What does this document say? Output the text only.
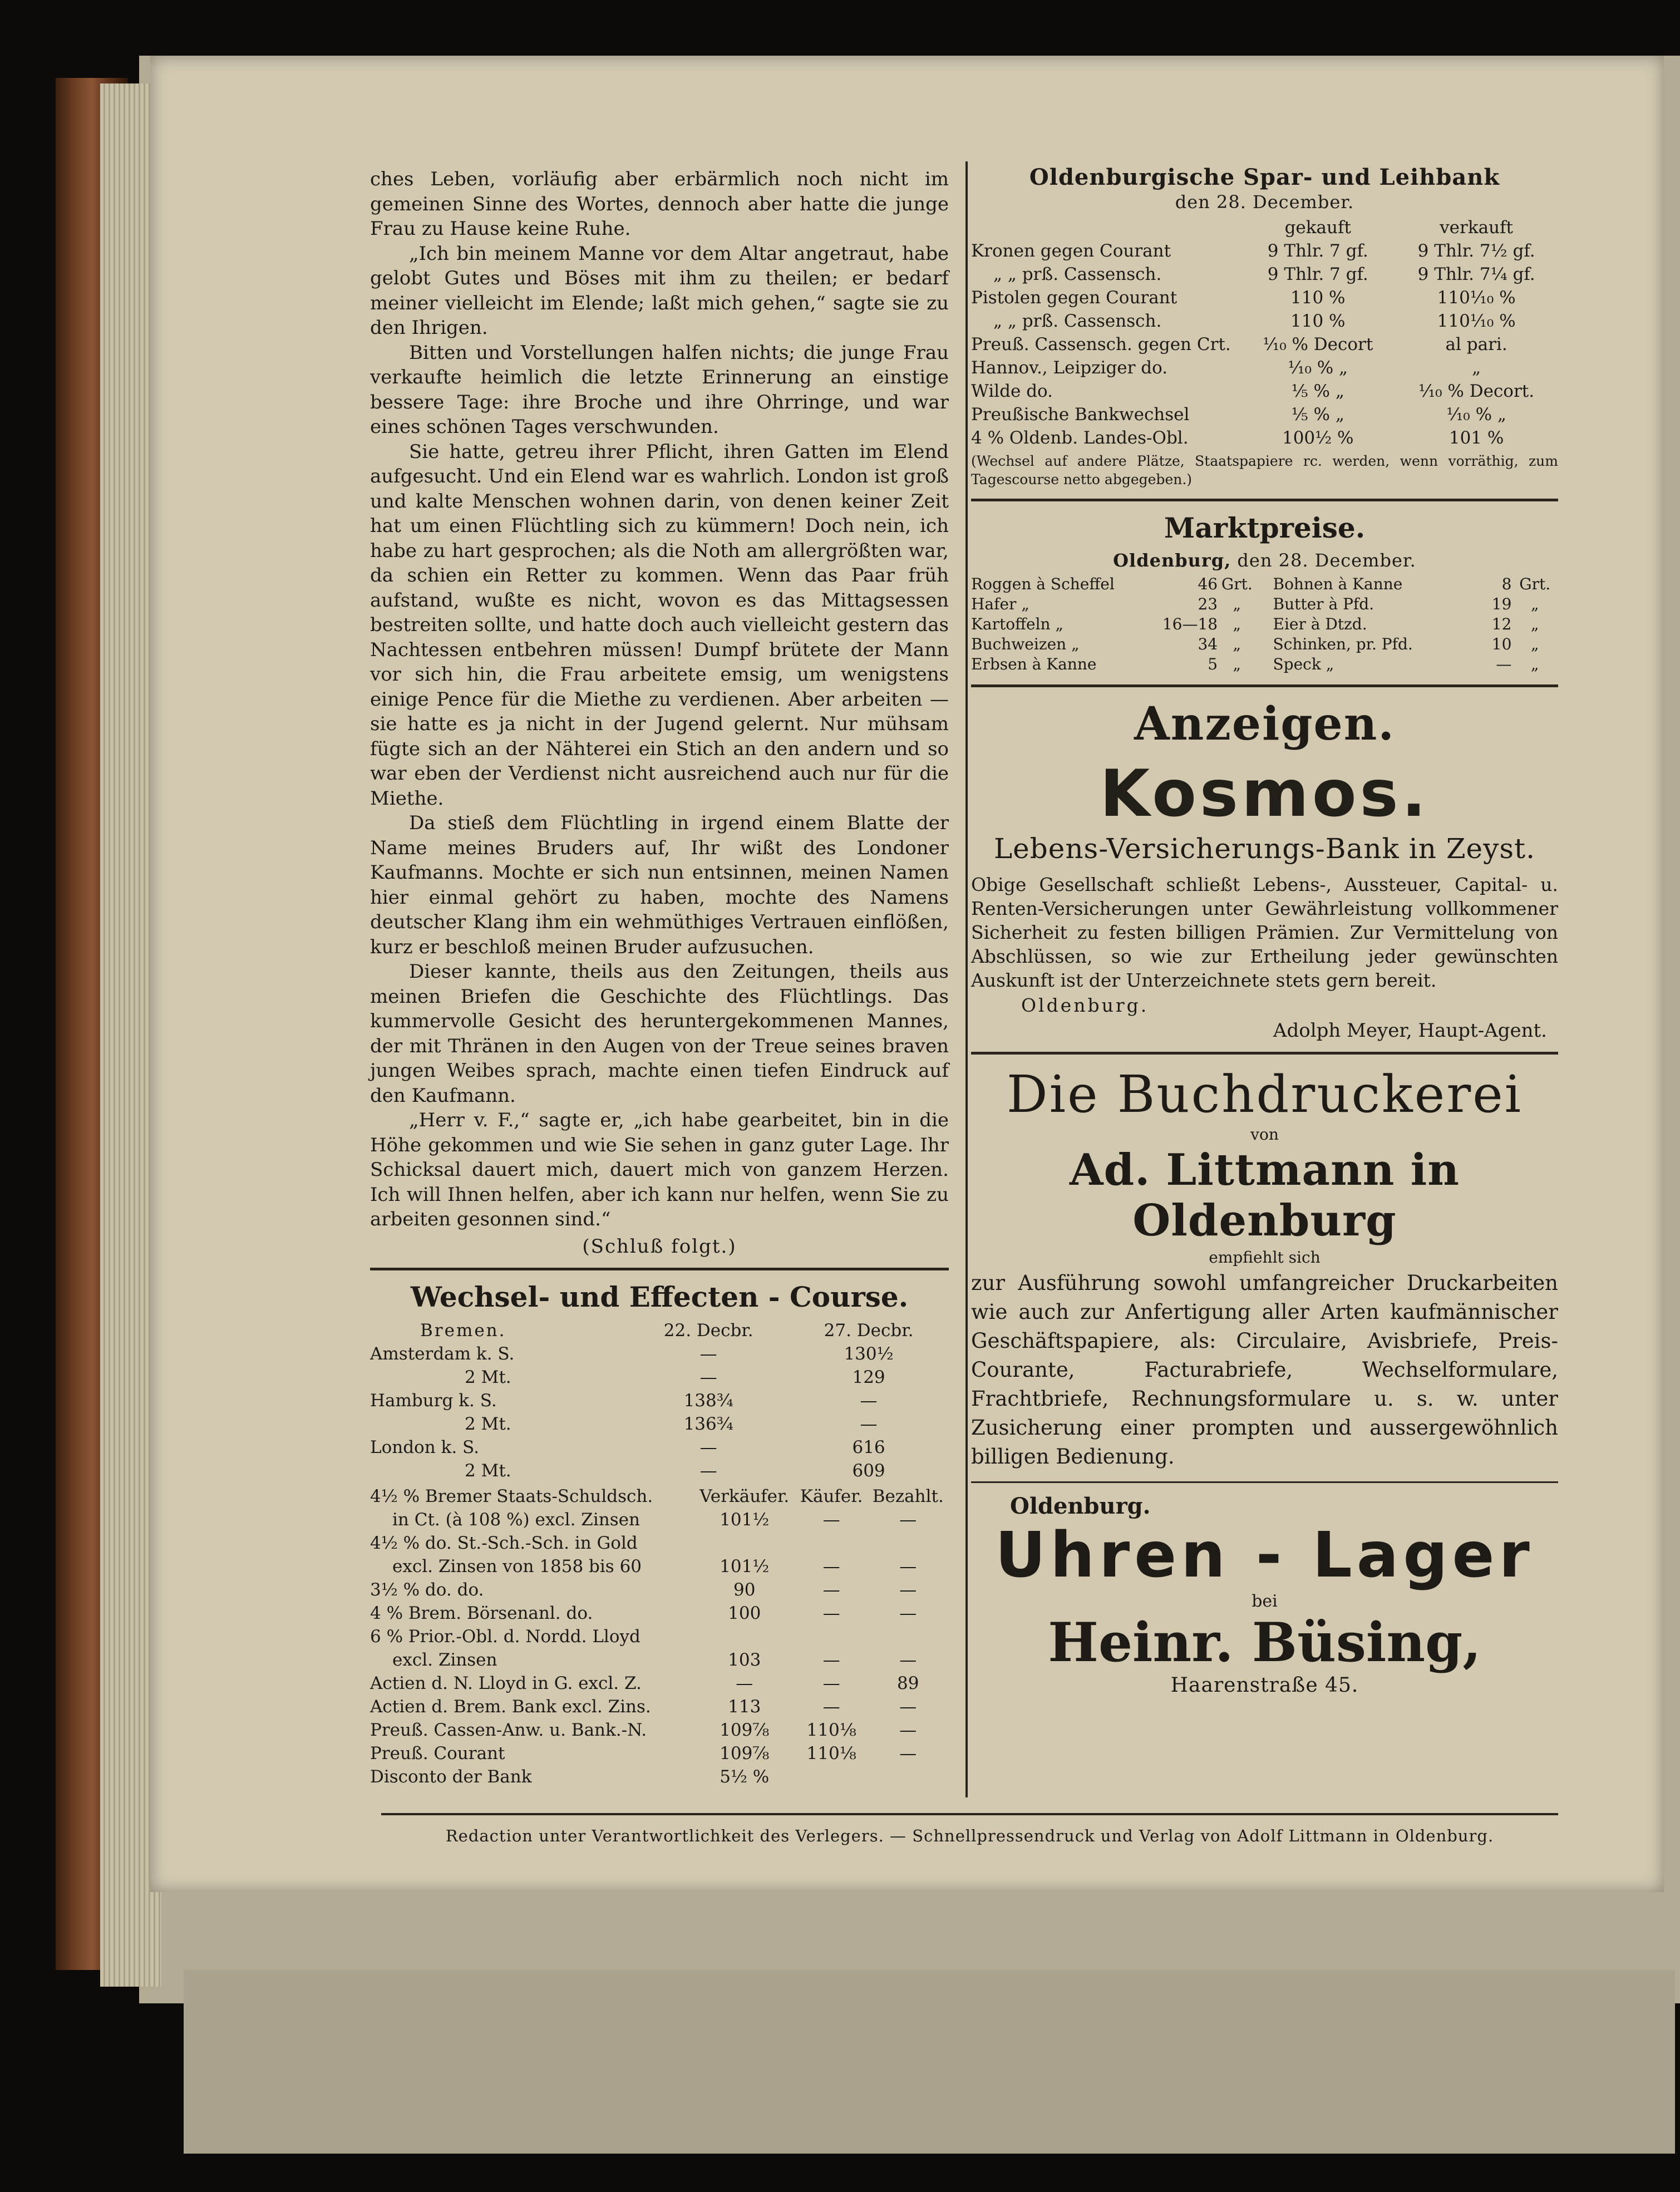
ches Leben, vorläufig aber erbärmlich noch nicht im gemeinen Sinne des Wortes, dennoch aber hatte die junge Frau zu Hause keine Ruhe.

„Ich bin meinem Manne vor dem Altar angetraut, habe gelobt Gutes und Böses mit ihm zu theilen; er bedarf meiner vielleicht im Elende; laßt mich gehen,“ sagte sie zu den Ihrigen.

Bitten und Vorstellungen halfen nichts; die junge Frau verkaufte heimlich die letzte Erinnerung an einstige bessere Tage: ihre Broche und ihre Ohrringe, und war eines schönen Tages verschwunden.

Sie hatte, getreu ihrer Pflicht, ihren Gatten im Elend aufgesucht. Und ein Elend war es wahrlich. London ist groß und kalte Menschen wohnen darin, von denen keiner Zeit hat um einen Flüchtling sich zu kümmern! Doch nein, ich habe zu hart gesprochen; als die Noth am allergrößten war, da schien ein Retter zu kommen. Wenn das Paar früh aufstand, wußte es nicht, wovon es das Mittagsessen bestreiten sollte, und hatte doch auch vielleicht gestern das Nachtessen entbehren müssen! Dumpf brütete der Mann vor sich hin, die Frau arbeitete emsig, um wenigstens einige Pence für die Miethe zu verdienen. Aber arbeiten — sie hatte es ja nicht in der Jugend gelernt. Nur mühsam fügte sich an der Nähterei ein Stich an den andern und so war eben der Verdienst nicht ausreichend auch nur für die Miethe.

Da stieß dem Flüchtling in irgend einem Blatte der Name meines Bruders auf, Ihr wißt des Londoner Kaufmanns. Mochte er sich nun entsinnen, meinen Namen hier einmal gehört zu haben, mochte des Namens deutscher Klang ihm ein wehmüthiges Vertrauen einflößen, kurz er beschloß meinen Bruder aufzusuchen.

Dieser kannte, theils aus den Zeitungen, theils aus meinen Briefen die Geschichte des Flüchtlings. Das kummervolle Gesicht des heruntergekommenen Mannes, der mit Thränen in den Augen von der Treue seines braven jungen Weibes sprach, machte einen tiefen Eindruck auf den Kaufmann.

„Herr v. F.,“ sagte er, „ich habe gearbeitet, bin in die Höhe gekommen und wie Sie sehen in ganz guter Lage. Ihr Schicksal dauert mich, dauert mich von ganzem Herzen. Ich will Ihnen helfen, aber ich kann nur helfen, wenn Sie zu arbeiten gesonnen sind.“

(Schluß folgt.)

Wechsel- und Effecten - Course.
Bremen.	22. Decbr.	27. Decbr.
Amsterdam k. S.	—	130½
2 Mt.	—	129
Hamburg k. S.	138¾	—
2 Mt.	136¾	—
London k. S.	—	616
2 Mt.	—	609
4½ % Bremer Staats-Schuldsch.	Verkäufer.	Käufer.	Bezahlt.
in Ct. (à 108 %) excl. Zinsen	101½	—	—
4½ % do. St.-Sch.-Sch. in Gold			
excl. Zinsen von 1858 bis 60	101½	—	—
3½ % do. do.	90	—	—
4 % Brem. Börsenanl. do.	100	—	—
6 % Prior.-Obl. d. Nordd. Lloyd			
excl. Zinsen	103	—	—
Actien d. N. Lloyd in G. excl. Z.	—	—	89
Actien d. Brem. Bank excl. Zins.	113	—	—
Preuß. Cassen-Anw. u. Bank.-N.	109⅞	110⅛	—
Preuß. Courant	109⅞	110⅛	—
Disconto der Bank	5½ %		

Oldenburgische Spar- und Leihbank

den 28. December.

	gekauft	verkauft
Kronen gegen Courant	9 Thlr. 7 gf.	9 Thlr. 7½ gf.
„ „ prß. Cassensch.	9 Thlr. 7 gf.	9 Thlr. 7¼ gf.
Pistolen gegen Courant	110 %	110⅟₁₀ %
„ „ prß. Cassensch.	110 %	110⅟₁₀ %
Preuß. Cassensch. gegen Crt.	⅟₁₀ % Decort	al pari.
Hannov., Leipziger do.	⅟₁₀ % „	„
Wilde do.	⅕ % „	⅟₁₀ % Decort.
Preußische Bankwechsel	⅕ % „	⅟₁₀ % „
4 % Oldenb. Landes-Obl.	100½ %	101 %

(Wechsel auf andere Plätze, Staatspapiere rc. werden, wenn vorräthig, zum Tagescourse netto abgegeben.)

Marktpreise.

Oldenburg, den 28. December.

Roggen à Scheffel	46	Grt.
Hafer „	23	„
Kartoffeln „	16—18	„
Buchweizen „	34	„
Erbsen à Kanne	5	„
Bohnen à Kanne	8	Grt.
Butter à Pfd.	19	„
Eier à Dtzd.	12	„
Schinken, pr. Pfd.	10	„
Speck „	—	„

Anzeigen.

Kosmos.

Lebens-Versicherungs-Bank in Zeyst.

Obige Gesellschaft schließt Lebens-, Aussteuer, Capital- u. Renten-Versicherungen unter Gewährleistung vollkommener Sicherheit zu festen billigen Prämien. Zur Vermittelung von Abschlüssen, so wie zur Ertheilung jeder gewünschten Auskunft ist der Unterzeichnete stets gern bereit.

Oldenburg.

Adolph Meyer, Haupt-Agent.

Die Buchdruckerei

von

Ad. Littmann in Oldenburg

empfiehlt sich

zur Ausführung sowohl umfangreicher Druckarbeiten wie auch zur Anfertigung aller Arten kaufmännischer Geschäftspapiere, als: Circulaire, Avisbriefe, Preis-Courante, Facturabriefe, Wechselformulare, Frachtbriefe, Rechnungsformulare u. s. w. unter Zusicherung einer prompten und aussergewöhnlich billigen Bedienung.

Oldenburg.

Uhren - Lager

bei

Heinr. Büsing,

Haarenstraße 45.

Redaction unter Verantwortlichkeit des Verlegers. — Schnellpressendruck und Verlag von Adolf Littmann in Oldenburg.
